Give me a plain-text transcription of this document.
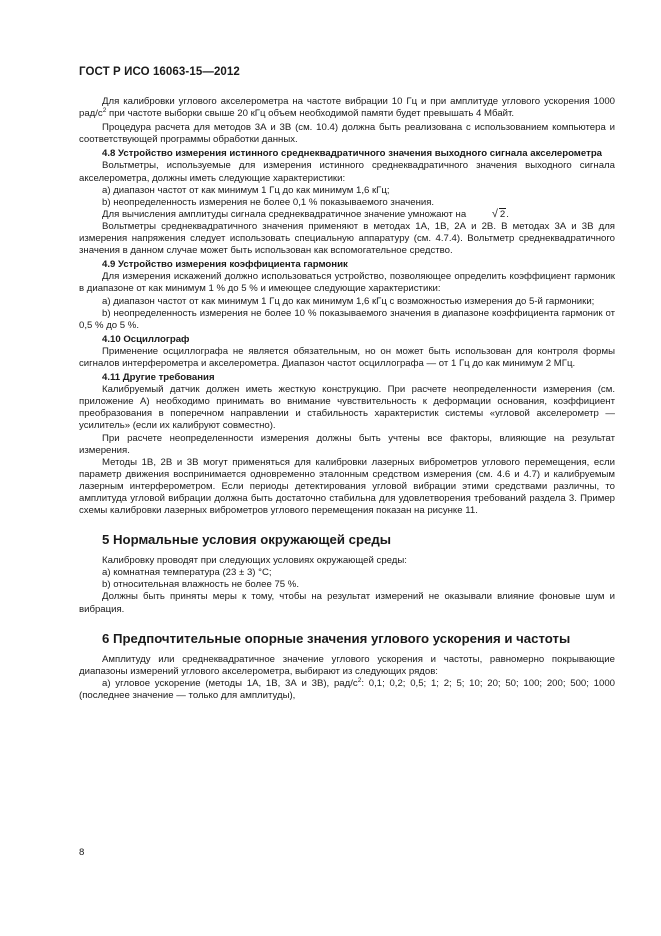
ГОСТ Р ИСО 16063-15—2012

Для калибровки углового акселерометра на частоте вибрации 10 Гц и при амплитуде углового ускорения 1000 рад/$с^2$ при частоте выборки свыше 20 кГц объем необходимой памяти будет превышать 4 Мбайт.

Процедура расчета для методов 3А и 3В (см. 10.4) должна быть реализована с использованием компьютера и соответствующей программы обработки данных.

4.8 Устройство измерения истинного среднеквадратичного значения выходного сигнала акселерометра

Вольтметры, используемые для измерения истинного среднеквадратичного значения выходного сигнала акселерометра, должны иметь следующие характеристики:

a) диапазон частот от как минимум 1 Гц до как минимум 1,6 кГц;

b) неопределенность измерения не более 0,1 % показываемого значения.

Для вычисления амплитуды сигнала среднеквадратичное значение умножают на	√ 2.

Вольтметры среднеквадратичного значения применяют в методах 1А, 1В, 2А и 2В. В методах 3А и 3В для измерения напряжения следует использовать специальную аппаратуру (см. 4.7.4). Вольтметр среднеквадратичного значения в данном случае может быть использован как вспомогательное средство.

4.9 Устройство измерения коэффициента гармоник

Для измерения искажений должно использоваться устройство, позволяющее определить коэффициент гармоник в диапазоне от как минимум 1 % до 5 % и имеющее следующие характеристики:

a) диапазон частот от как минимум 1 Гц до как минимум 1,6 кГц с возможностью измерения до 5-й гармоники;

b) неопределенность измерения не более 10 % показываемого значения в диапазоне коэффициента гармоник от 0,5 % до 5 %.

4.10 Осциллограф

Применение осциллографа не является обязательным, но он может быть использован для контроля формы сигналов интерферометра и акселерометра. Диапазон частот осциллографа — от 1 Гц до как минимум 2 МГц.

4.11 Другие требования

Калибруемый датчик должен иметь жесткую конструкцию. При расчете неопределенности измерения (см. приложение А) необходимо принимать во внимание чувствительность к деформации основания, коэффициент преобразования в поперечном направлении и стабильность характеристик системы «угловой акселерометр — усилитель» (если их калибруют совместно).

При расчете неопределенности измерения должны быть учтены все факторы, влияющие на результат измерения.

Методы 1В, 2В и 3В могут применяться для калибровки лазерных виброметров углового перемещения, если параметр движения воспринимается одновременно эталонным средством измерения (см. 4.6 и 4.7) и калибруемым лазерным интерферометром. Если периоды детектирования угловой вибрации этими средствами различны, то амплитуда угловой вибрации должна быть достаточно стабильна для удовлетворения требований раздела 3. Пример схемы калибровки лазерных виброметров углового перемещения показан на рисунке 11.

5 Нормальные условия окружающей среды

Калибровку проводят при следующих условиях окружающей среды:

a) комнатная температура (23 ± 3) °С;

b) относительная влажность не более 75 %.

Должны быть приняты меры к тому, чтобы на результат измерений не оказывали влияние фоновые шум и вибрация.

6 Предпочтительные опорные значения углового ускорения и частоты

Амплитуду или среднеквадратичное значение углового ускорения и частоты, равномерно покрывающие диапазоны измерений углового акселерометра, выбирают из следующих рядов:

a) угловое ускорение (методы 1А, 1В, 3А и 3В), рад/$с^2$: 0,1; 0,2; 0,5; 1; 2; 5; 10; 20; 50; 100; 200; 500; 1000 (последнее значение — только для амплитуды),

8
